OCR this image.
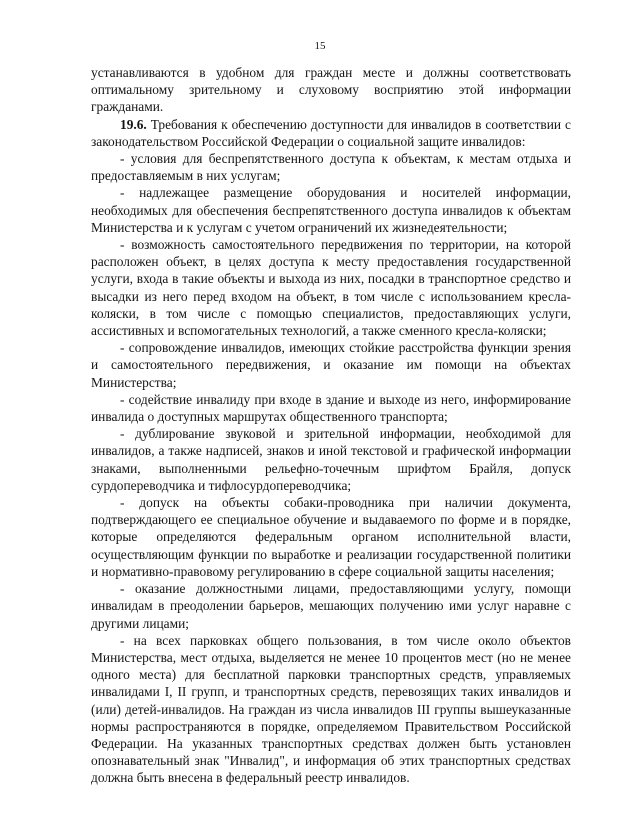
15

устанавливаются в удобном для граждан месте и должны соответствовать оптимальному зрительному и слуховому восприятию этой информации гражданами.

19.6. Требования к обеспечению доступности для инвалидов в соответствии с законодательством Российской Федерации о социальной защите инвалидов:

- условия для беспрепятственного доступа к объектам, к местам отдыха и предоставляемым в них услугам;

- надлежащее размещение оборудования и носителей информации, необходимых для обеспечения беспрепятственного доступа инвалидов к объектам Министерства и к услугам с учетом ограничений их жизнедеятельности;

- возможность самостоятельного передвижения по территории, на которой расположен объект, в целях доступа к месту предоставления государственной услуги, входа в такие объекты и выхода из них, посадки в транспортное средство и высадки из него перед входом на объект, в том числе с использованием кресла-коляски, в том числе с помощью специалистов, предоставляющих услуги, ассистивных и вспомогательных технологий, а также сменного кресла-коляски;

- сопровождение инвалидов, имеющих стойкие расстройства функции зрения и самостоятельного передвижения, и оказание им помощи на объектах Министерства;

- содействие инвалиду при входе в здание и выходе из него, информирование инвалида о доступных маршрутах общественного транспорта;

- дублирование звуковой и зрительной информации, необходимой для инвалидов, а также надписей, знаков и иной текстовой и графической информации знаками, выполненными рельефно-точечным шрифтом Брайля, допуск сурдопереводчика и тифлосурдопереводчика;

- допуск на объекты собаки-проводника при наличии документа, подтверждающего ее специальное обучение и выдаваемого по форме и в порядке, которые определяются федеральным органом исполнительной власти, осуществляющим функции по выработке и реализации государственной политики и нормативно-правовому регулированию в сфере социальной защиты населения;

- оказание должностными лицами, предоставляющими услугу, помощи инвалидам в преодолении барьеров, мешающих получению ими услуг наравне с другими лицами;

- на всех парковках общего пользования, в том числе около объектов Министерства, мест отдыха, выделяется не менее 10 процентов мест (но не менее одного места) для бесплатной парковки транспортных средств, управляемых инвалидами I, II групп, и транспортных средств, перевозящих таких инвалидов и (или) детей-инвалидов. На граждан из числа инвалидов III группы вышеуказанные нормы распространяются в порядке, определяемом Правительством Российской Федерации. На указанных транспортных средствах должен быть установлен опознавательный знак "Инвалид", и информация об этих транспортных средствах должна быть внесена в федеральный реестр инвалидов.
